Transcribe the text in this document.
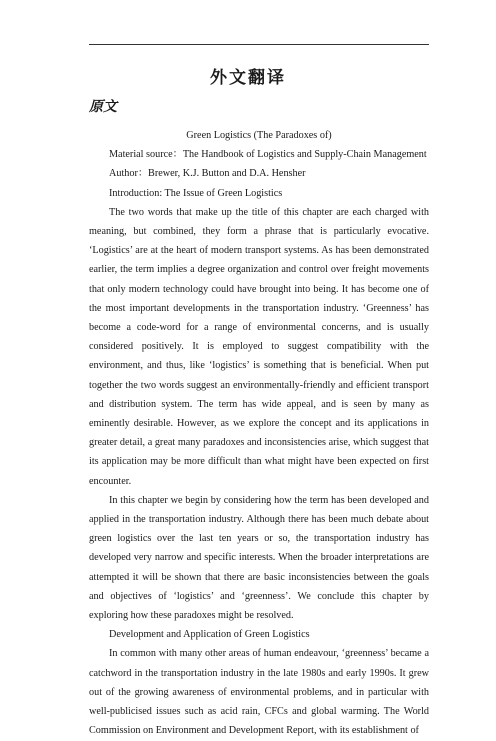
外文翻译
原文
Green Logistics (The Paradoxes of)
Material source：The Handbook of Logistics and Supply-Chain Management
Author：Brewer, K.J. Button and D.A. Hensher
Introduction: The Issue of Green Logistics

The two words that make up the title of this chapter are each charged with meaning, but combined, they form a phrase that is particularly evocative. ‘Logistics’ are at the heart of modern transport systems. As has been demonstrated earlier, the term implies a degree organization and control over freight movements that only modern technology could have brought into being. It has become one of the most important developments in the transportation industry. ‘Greenness’ has become a code-word for a range of environmental concerns, and is usually considered positively. It is employed to suggest compatibility with the environment, and thus, like ‘logistics’ is something that is beneficial. When put together the two words suggest an environmentally-friendly and efficient transport and distribution system. The term has wide appeal, and is seen by many as eminently desirable. However, as we explore the concept and its applications in greater detail, a great many paradoxes and inconsistencies arise, which suggest that its application may be more difficult than what might have been expected on first encounter.

In this chapter we begin by considering how the term has been developed and applied in the transportation industry. Although there has been much debate about green logistics over the last ten years or so, the transportation industry has developed very narrow and specific interests. When the broader interpretations are attempted it will be shown that there are basic inconsistencies between the goals and objectives of ‘logistics’ and ‘greenness’. We conclude this chapter by exploring how these paradoxes might be resolved.

Development and Application of Green Logistics

In common with many other areas of human endeavour, ‘greenness’ became a catchword in the transportation industry in the late 1980s and early 1990s. It grew out of the growing awareness of environmental problems, and in particular with well-publicised issues such as acid rain, CFCs and global warming. The World Commission on Environment and Development Report, with its establishment of
